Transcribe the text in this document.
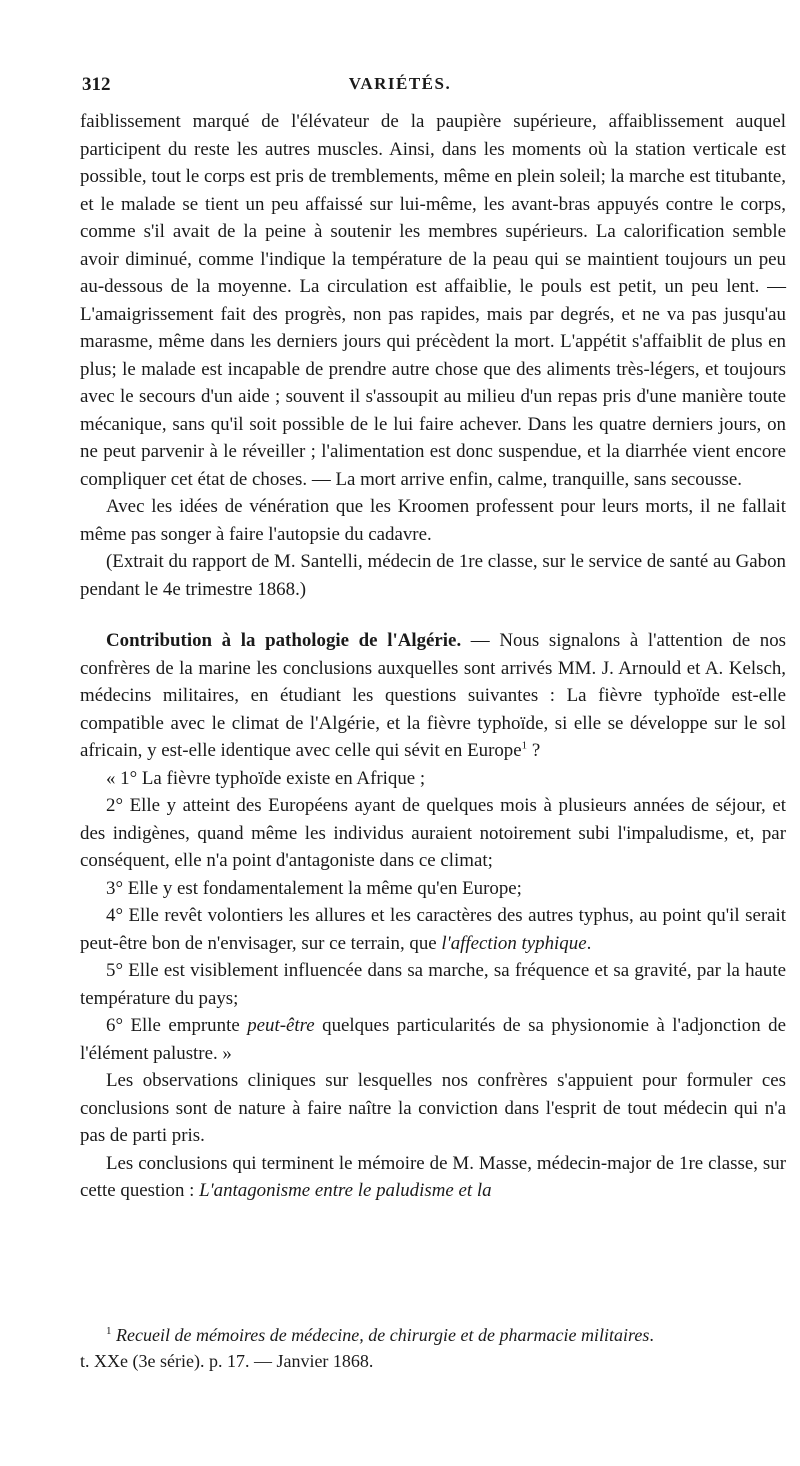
312	VARIÉTÉS.

faiblissement marqué de l'élévateur de la paupière supérieure, affaiblissement auquel participent du reste les autres muscles. Ainsi, dans les moments où la station verticale est possible, tout le corps est pris de tremblements, même en plein soleil; la marche est titubante, et le malade se tient un peu affaissé sur lui-même, les avant-bras appuyés contre le corps, comme s'il avait de la peine à soutenir les membres supérieurs. La calorification semble avoir diminué, comme l'indique la température de la peau qui se maintient toujours un peu au-dessous de la moyenne. La circulation est affaiblie, le pouls est petit, un peu lent. — L'amaigrissement fait des progrès, non pas rapides, mais par degrés, et ne va pas jusqu'au marasme, même dans les derniers jours qui précèdent la mort. L'appétit s'affaiblit de plus en plus; le malade est incapable de prendre autre chose que des aliments très-légers, et toujours avec le secours d'un aide ; souvent il s'assoupit au milieu d'un repas pris d'une manière toute mécanique, sans qu'il soit possible de le lui faire achever. Dans les quatre derniers jours, on ne peut parvenir à le réveiller ; l'alimentation est donc suspendue, et la diarrhée vient encore compliquer cet état de choses. — La mort arrive enfin, calme, tranquille, sans secousse.

Avec les idées de vénération que les Kroomen professent pour leurs morts, il ne fallait même pas songer à faire l'autopsie du cadavre.

(Extrait du rapport de M. Santelli, médecin de 1re classe, sur le service de santé au Gabon pendant le 4e trimestre 1868.)

Contribution à la pathologie de l'Algérie. — Nous signalons à l'attention de nos confrères de la marine les conclusions auxquelles sont arrivés MM. J. Arnould et A. Kelsch, médecins militaires, en étudiant les questions suivantes : La fièvre typhoïde est-elle compatible avec le climat de l'Algérie, et la fièvre typhoïde, si elle se développe sur le sol africain, y est-elle identique avec celle qui sévit en Europe$^1$ ?

« 1° La fièvre typhoïde existe en Afrique ;

2° Elle y atteint des Européens ayant de quelques mois à plusieurs années de séjour, et des indigènes, quand même les individus auraient notoirement subi l'impaludisme, et, par conséquent, elle n'a point d'antagoniste dans ce climat;

3° Elle y est fondamentalement la même qu'en Europe;

4° Elle revêt volontiers les allures et les caractères des autres typhus, au point qu'il serait peut-être bon de n'envisager, sur ce terrain, que l'affection typhique.

5° Elle est visiblement influencée dans sa marche, sa fréquence et sa gravité, par la haute température du pays;

6° Elle emprunte peut-être quelques particularités de sa physionomie à l'adjonction de l'élément palustre. »

Les observations cliniques sur lesquelles nos confrères s'appuient pour formuler ces conclusions sont de nature à faire naître la conviction dans l'esprit de tout médecin qui n'a pas de parti pris.

Les conclusions qui terminent le mémoire de M. Masse, médecin-major de 1re classe, sur cette question : L'antagonisme entre le paludisme et la

$^1$ Recueil de mémoires de médecine, de chirurgie et de pharmacie militaires.

t. XXe (3e série). p. 17. — Janvier 1868.
